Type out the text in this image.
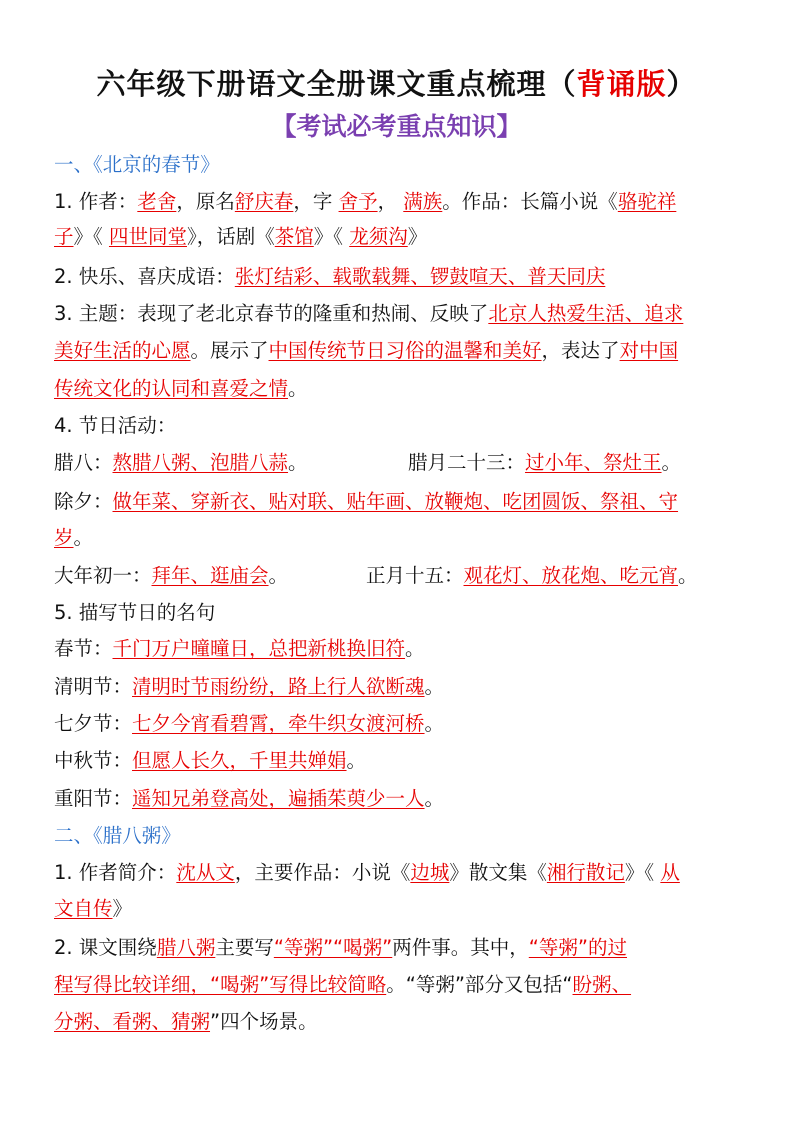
六年级下册语文全册课文重点梳理（背诵版）
【考试必考重点知识】
一、《北京的春节》
1. 作者：老舍，原名舒庆春，字 舍予， 满族。作品：长篇小说《骆驼祥
子》《 四世同堂》，话剧《茶馆》《 龙须沟》
2. 快乐、喜庆成语：张灯结彩、载歌载舞、锣鼓喧天、普天同庆
3. 主题：表现了老北京春节的隆重和热闹、反映了北京人热爱生活、追求
美好生活的心愿。展示了中国传统节日习俗的温馨和美好，表达了对中国
传统文化的认同和喜爱之情。
4. 节日活动：
腊八：熬腊八粥、泡腊八蒜。	腊月二十三：过小年、祭灶王。
除夕：做年菜、穿新衣、贴对联、贴年画、放鞭炮、吃团圆饭、祭祖、守
岁。
大年初一：拜年、逛庙会。	正月十五：观花灯、放花炮、吃元宵。
5. 描写节日的名句
春节：千门万户曈曈日，总把新桃换旧符。
清明节：清明时节雨纷纷，路上行人欲断魂。
七夕节：七夕今宵看碧霄，牵牛织女渡河桥。
中秋节：但愿人长久，千里共婵娟。
重阳节：遥知兄弟登高处，遍插茱萸少一人。
二、《腊八粥》
1. 作者简介：沈从文，主要作品：小说《边城》散文集《湘行散记》《 从
文自传》
2. 课文围绕腊八粥主要写“等粥”“喝粥”两件事。其中，“等粥”的过
程写得比较详细，“喝粥”写得比较简略。“等粥”部分又包括“盼粥、
分粥、看粥、猜粥”四个场景。
